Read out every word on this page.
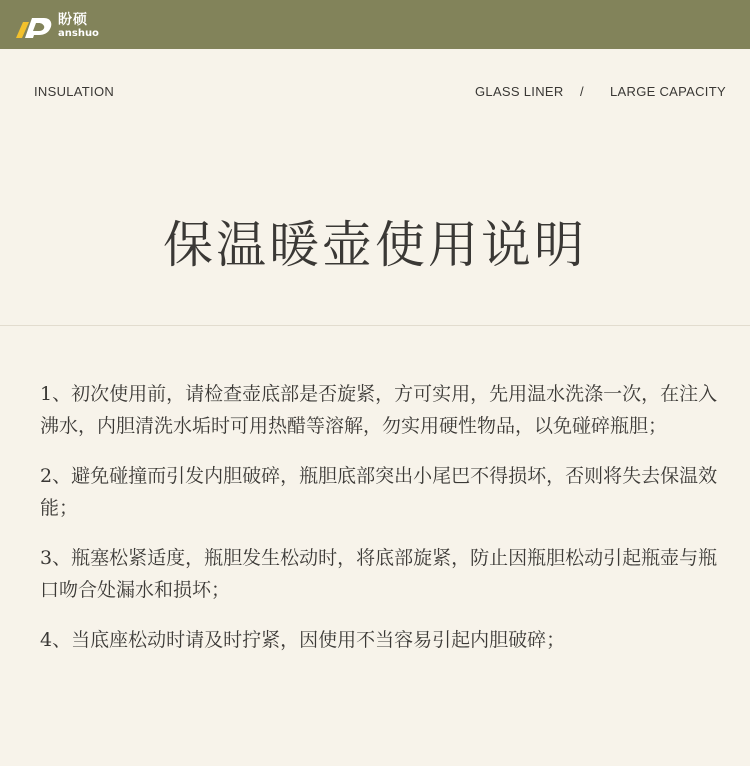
盼硕
anshuo
INSULATION	GLASS LINER / LARGE CAPACITY
保温暖壶使用说明

1、初次使用前，请检查壶底部是否旋紧，方可实用，先用温水洗涤一次，在注入沸水，内胆清洗水垢时可用热醋等溶解，勿实用硬性物品，以免碰碎瓶胆；

2、避免碰撞而引发内胆破碎，瓶胆底部突出小尾巴不得损坏，否则将失去保温效能；

3、瓶塞松紧适度，瓶胆发生松动时，将底部旋紧，防止因瓶胆松动引起瓶壶与瓶口吻合处漏水和损坏；

4、当底座松动时请及时拧紧，因使用不当容易引起内胆破碎；
